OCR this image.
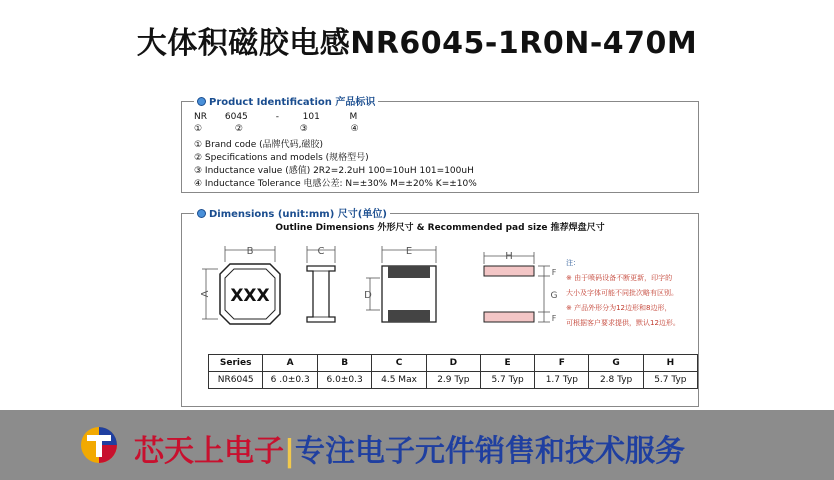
大体积磁胶电感NR6045-1R0N-470M
Product Identification 产品标识
NR 6045	-	101	M
①	②	③	④
① Brand code (品牌代码,磁胶)
② Specifications and models (规格型号)
③ Inductance value (感值) 2R2=2.2uH 100=10uH 101=100uH
④ Inductance Tolerance 电感公差: N=±30% M=±20% K=±10%
Dimensions (unit:mm) 尺寸(单位)
Outline Dimensions 外形尺寸 & Recommended pad size 推荐焊盘尺寸
XXX
B
A
C	E
D
H
F
G
F
注：
※ 由于喷码设备不断更新，印字的
大小及字体可能不同批次略有区别。
※ 产品外形分为12边形和8边形，
可根据客户要求提供，默认12边形。
Series	A	B	C	D	E	F	G	H
NR6045	6 .0±0.3	6.0±0.3	4.5 Max	2.9 Typ	5.7 Typ	1.7 Typ	2.8 Typ	5.7 Typ
芯天上电子|专注电子元件销售和技术服务
